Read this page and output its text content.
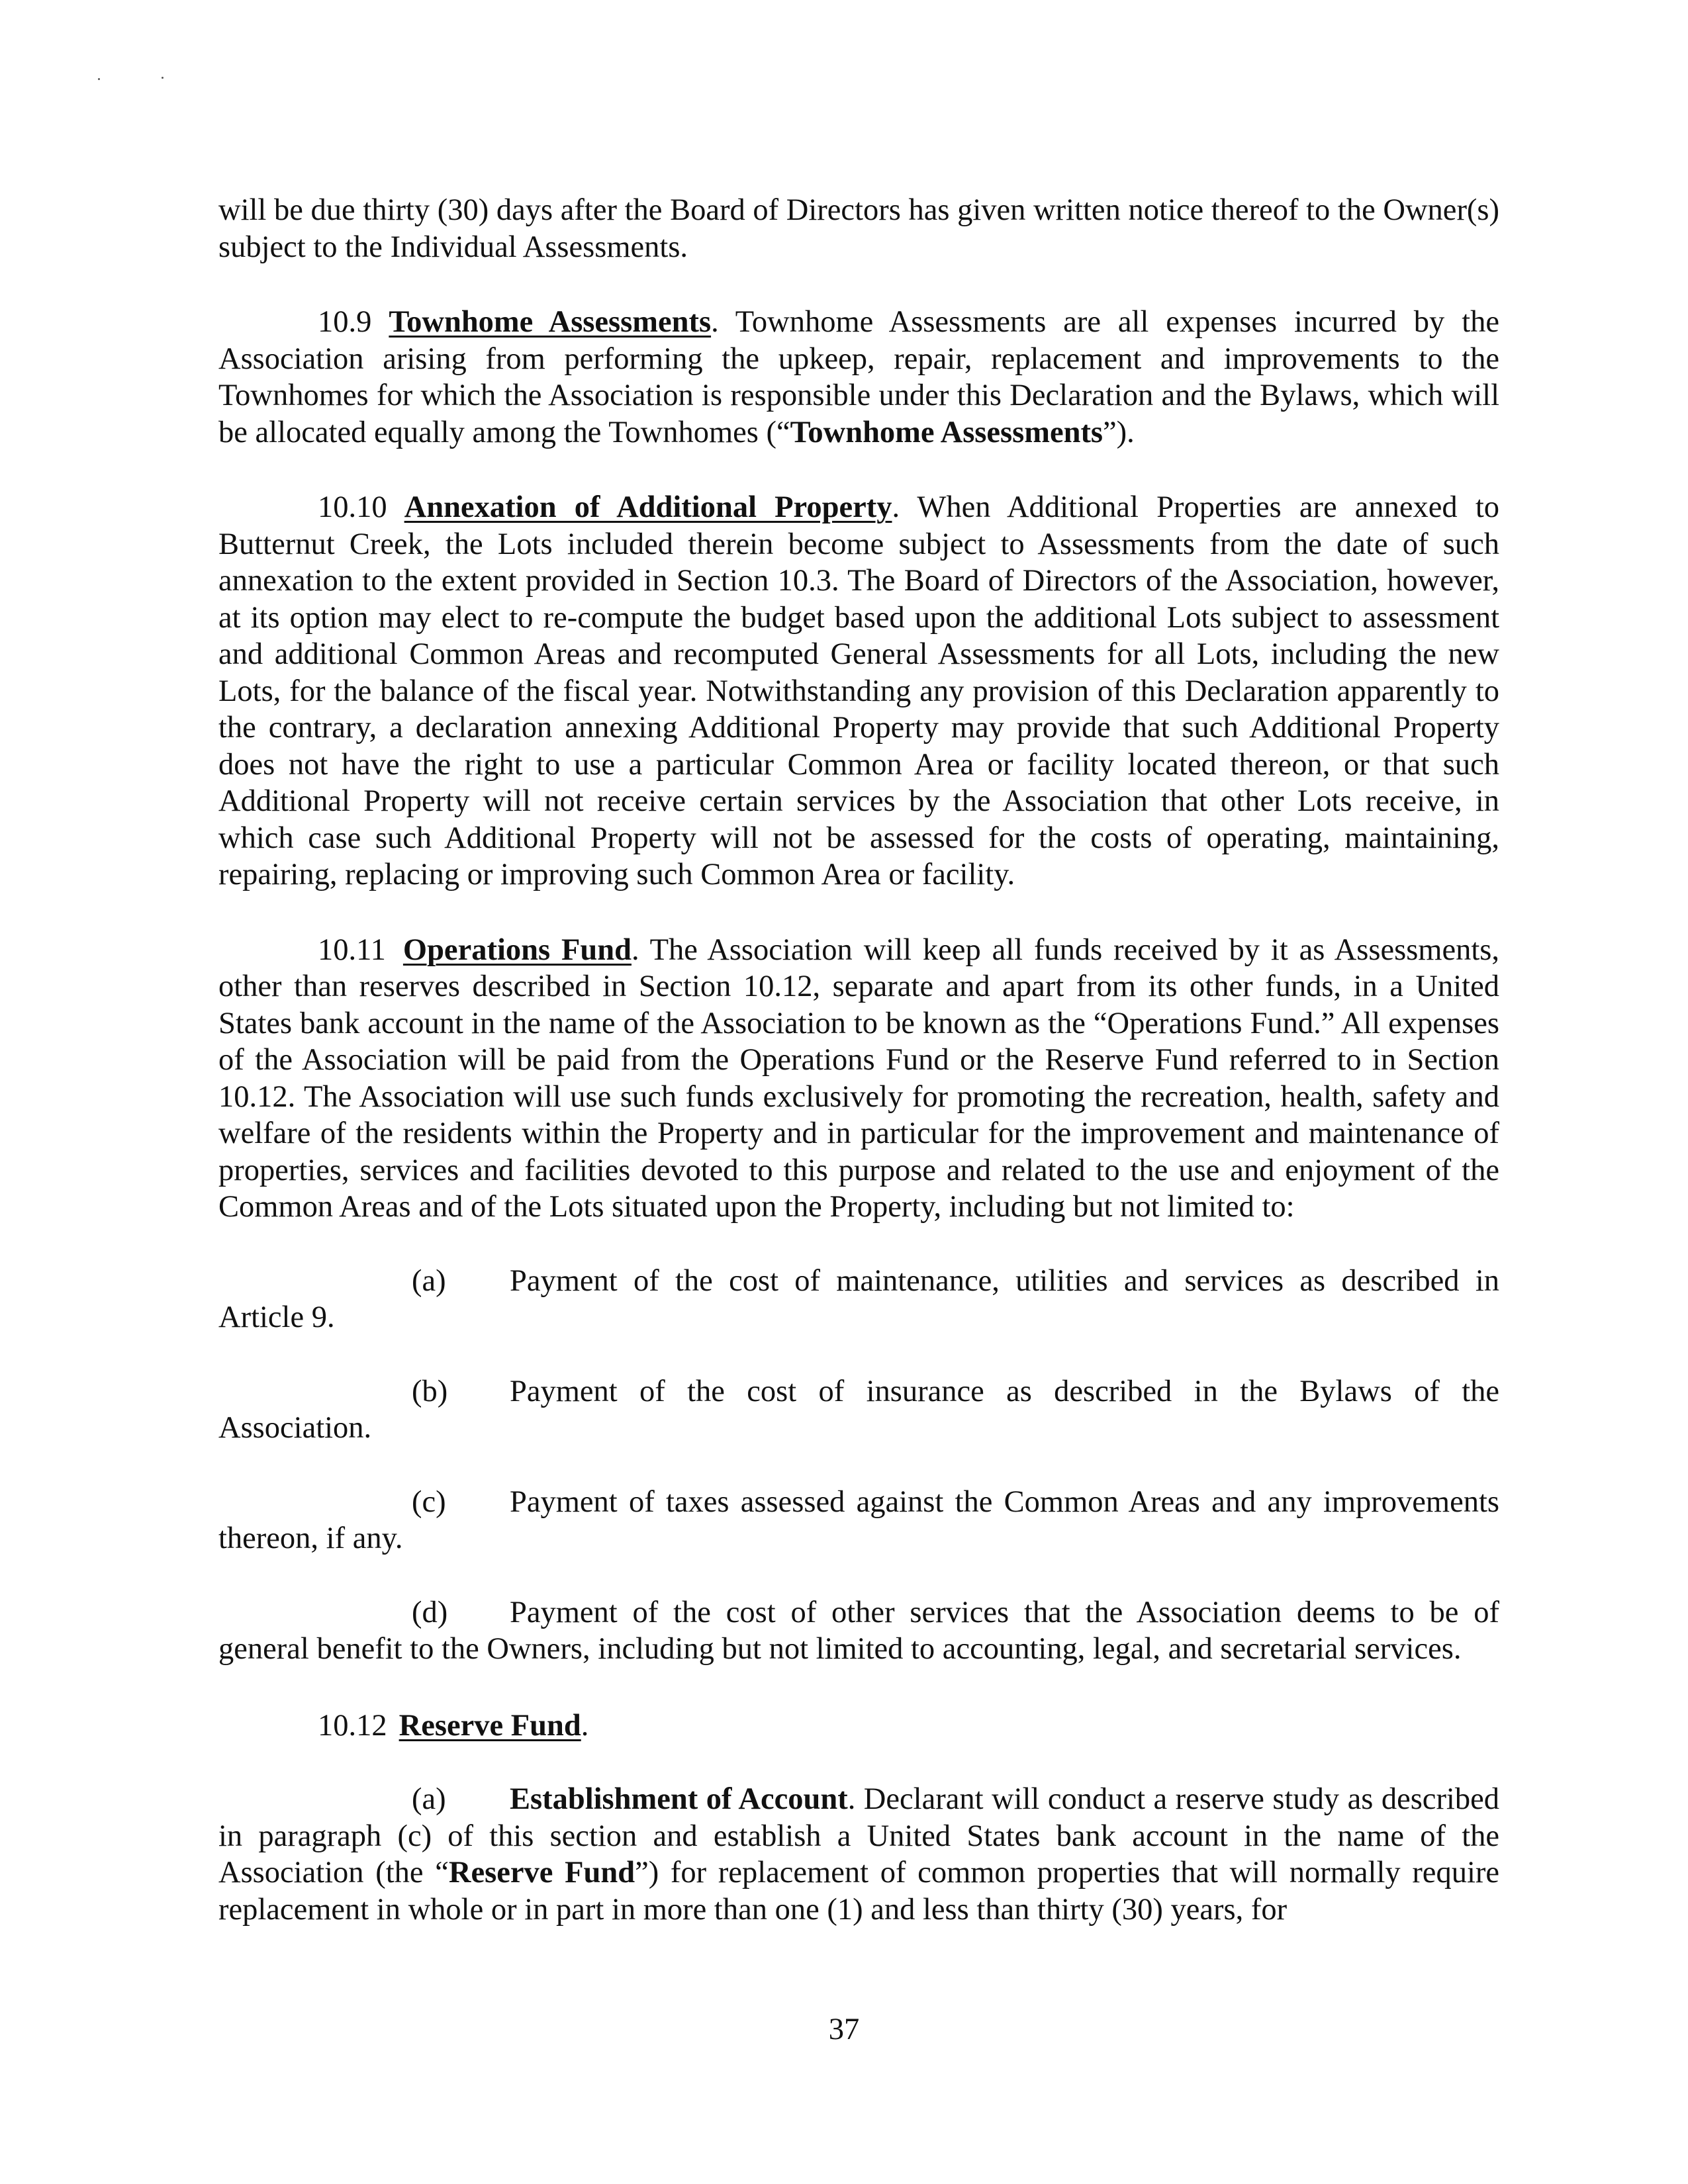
will be due thirty (30) days after the Board of Directors has given written notice thereof to the Owner(s) subject to the Individual Assessments.

10.9 Townhome Assessments. Townhome Assessments are all expenses incurred by the Association arising from performing the upkeep, repair, replacement and improvements to the Townhomes for which the Association is responsible under this Declaration and the Bylaws, which will be allocated equally among the Townhomes (“Townhome Assessments”).

10.10 Annexation of Additional Property. When Additional Properties are annexed to Butternut Creek, the Lots included therein become subject to Assessments from the date of such annexation to the extent provided in Section 10.3. The Board of Directors of the Association, however, at its option may elect to re-compute the budget based upon the additional Lots subject to assessment and additional Common Areas and recomputed General Assessments for all Lots, including the new Lots, for the balance of the fiscal year. Notwithstanding any provision of this Declaration apparently to the contrary, a declaration annexing Additional Property may provide that such Additional Property does not have the right to use a particular Common Area or facility located thereon, or that such Additional Property will not receive certain services by the Association that other Lots receive, in which case such Additional Property will not be assessed for the costs of operating, maintaining, repairing, replacing or improving such Common Area or facility.

10.11 Operations Fund. The Association will keep all funds received by it as Assessments, other than reserves described in Section 10.12, separate and apart from its other funds, in a United States bank account in the name of the Association to be known as the “Operations Fund.” All expenses of the Association will be paid from the Operations Fund or the Reserve Fund referred to in Section 10.12. The Association will use such funds exclusively for promoting the recreation, health, safety and welfare of the residents within the Property and in particular for the improvement and maintenance of properties, services and facilities devoted to this purpose and related to the use and enjoyment of the Common Areas and of the Lots situated upon the Property, including but not limited to:

(a)	Payment of the cost of maintenance, utilities and services as described in
Article 9.
(b)	Payment of the cost of insurance as described in the Bylaws of the
Association.
(c)	Payment of taxes assessed against the Common Areas and any improvements
thereon, if any.

(d) Payment of the cost of other services that the Association deems to be of general benefit to the Owners, including but not limited to accounting, legal, and secretarial services.

10.12 Reserve Fund.

(a) Establishment of Account. Declarant will conduct a reserve study as described in paragraph (c) of this section and establish a United States bank account in the name of the Association (the “Reserve Fund”) for replacement of common properties that will normally require replacement in whole or in part in more than one (1) and less than thirty (30) years, for

37
